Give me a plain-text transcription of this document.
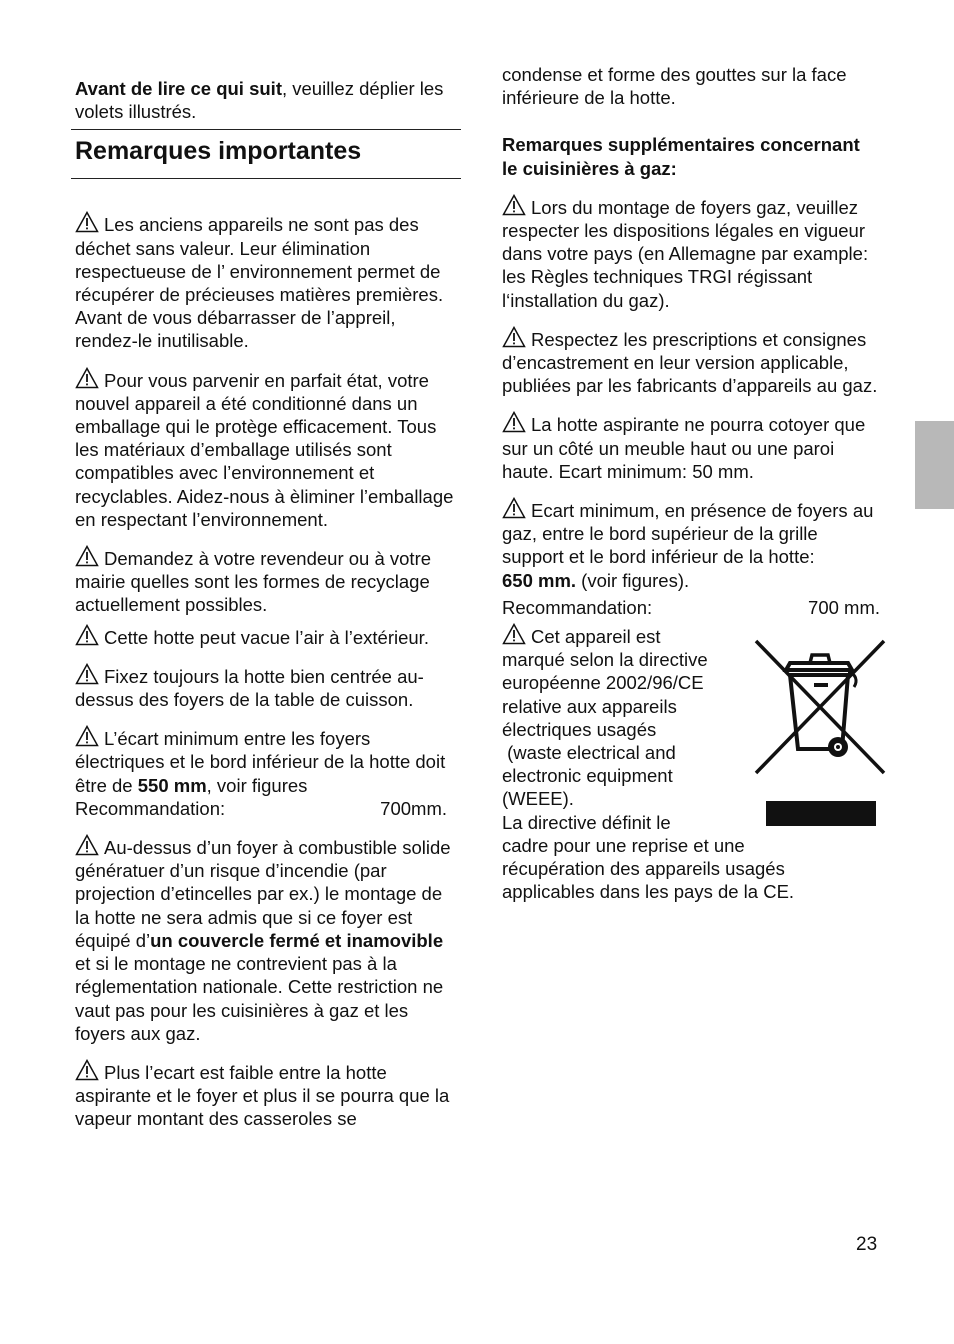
Avant de lire ce qui suit, veuillez déplier les volets illustrés.

Remarques importantes

Les anciens appareils ne sont pas des déchet sans valeur. Leur élimination respectueuse de l’ environnement permet de récupérer de précieuses matières premières. Avant de vous débarrasser de l’appreil, rendez-le inutilisable.

Pour vous parvenir en parfait état, votre nouvel appareil a été conditionné dans un emballage qui le protège efficacement. Tous les matériaux d’emballage utilisés sont compatibles avec l’environnement et recyclables. Aidez-nous à èliminer l’emballage en respectant l’environnement.

Demandez à votre revendeur ou à votre mairie quelles sont les formes de recyclage actuellement possibles.

Cette hotte peut vacue l’air à l’extérieur.

Fixez toujours la hotte bien centrée au-dessus des foyers de la table de cuisson.

L’écart minimum entre les foyers électriques et le bord inférieur de la hotte doit être de 550 mm, voir figures
Recommandation:	700mm.

Au-dessus d’un foyer à combustible solide génératuer d’un risque d’incendie (par projection d’etincelles par ex.) le montage de la hotte ne sera admis que si ce foyer est équipé d’un couvercle fermé et inamovible et si le montage ne contrevient pas à la réglementation nationale. Cette restriction ne vaut pas pour les cuisinières à gaz et les foyers aux gaz.

Plus l’ecart est faible entre la hotte aspirante et le foyer et plus il se pourra que la vapeur montant des casseroles se

condense et forme des gouttes sur la face inférieure de la hotte.

Remarques supplémentaires concernant le cuisinières à gaz:

Lors du montage de foyers gaz, veuillez respecter les dispositions légales en vigueur dans votre pays (en Allemagne par example: les Règles techniques TRGI régissant l‘installation du gaz).

Respectez les prescriptions et consignes d’encastrement en leur version applicable, publiées par les fabricants d’appareils au gaz.

La hotte aspirante ne pourra cotoyer que sur un côté un meuble haut ou une paroi haute. Ecart minimum: 50 mm.

Ecart minimum, en présence de foyers au gaz, entre le bord supérieur de la grille support et le bord inférieur de la hotte:
650 mm. (voir figures).

Recommandation:	700 mm.
Cet appareil est
marqué selon la directive
européenne 2002/96/CE
relative aux appareils
électriques usagés
(waste electrical and
electronic equipment
(WEEE).
La directive définit le
cadre pour une reprise et une récupération des appareils usagés applicables dans les pays de la CE.
23
